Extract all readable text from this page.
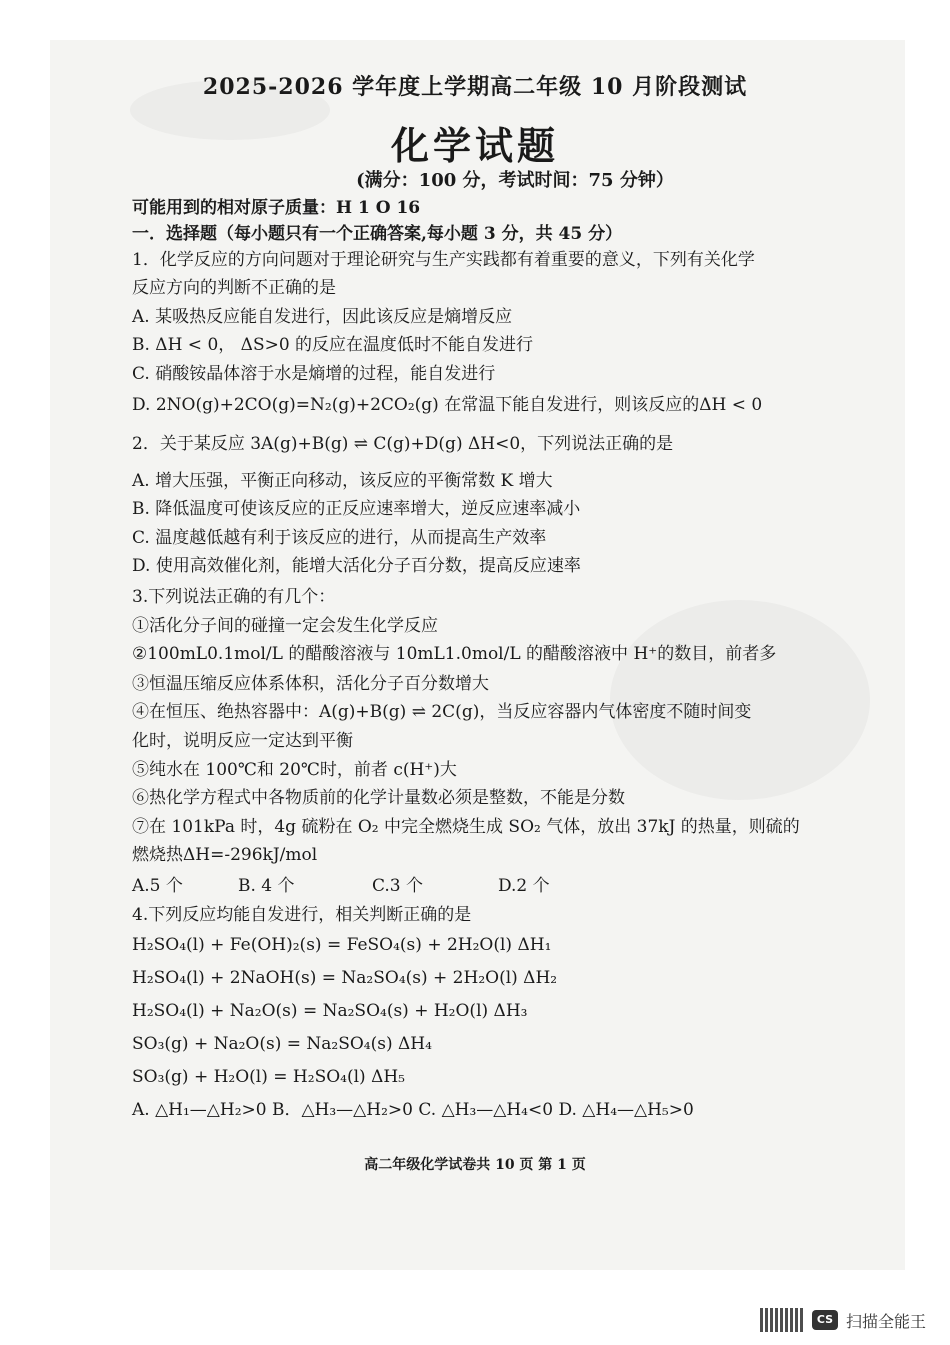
2025-2026 学年度上学期高二年级 10 月阶段测试
化学试题
(满分：100 分，考试时间：75 分钟）
可能用到的相对原子质量：H 1 O 16
一．选择题（每小题只有一个正确答案,每小题 3 分，共 45 分）
1．化学反应的方向问题对于理论研究与生产实践都有着重要的意义，下列有关化学
反应方向的判断不正确的是
A. 某吸热反应能自发进行，因此该反应是熵增反应
B. ΔH < 0， ΔS>0 的反应在温度低时不能自发进行
C. 硝酸铵晶体溶于水是熵增的过程，能自发进行
D. 2NO(g)+2CO(g)=N₂(g)+2CO₂(g) 在常温下能自发进行，则该反应的ΔH < 0
2．关于某反应 3A(g)+B(g) ⇌ C(g)+D(g) ΔH<0，下列说法正确的是
A. 增大压强，平衡正向移动，该反应的平衡常数 K 增大
B. 降低温度可使该反应的正反应速率增大，逆反应速率减小
C. 温度越低越有利于该反应的进行，从而提高生产效率
D. 使用高效催化剂，能增大活化分子百分数，提高反应速率
3.下列说法正确的有几个：
①活化分子间的碰撞一定会发生化学反应
②100mL0.1mol/L 的醋酸溶液与 10mL1.0mol/L 的醋酸溶液中 H⁺的数目，前者多
③恒温压缩反应体系体积，活化分子百分数增大
④在恒压、绝热容器中：A(g)+B(g) ⇌ 2C(g)，当反应容器内气体密度不随时间变
化时，说明反应一定达到平衡
⑤纯水在 100℃和 20℃时，前者 c(H⁺)大
⑥热化学方程式中各物质前的化学计量数必须是整数，不能是分数
⑦在 101kPa 时，4g 硫粉在 O₂ 中完全燃烧生成 SO₂ 气体，放出 37kJ 的热量，则硫的
燃烧热ΔH=-296kJ/mol
A.5 个	B. 4 个	C.3 个	D.2 个
4.下列反应均能自发进行，相关判断正确的是
H₂SO₄(l) + Fe(OH)₂(s) = FeSO₄(s) + 2H₂O(l) ΔH₁
H₂SO₄(l) + 2NaOH(s) = Na₂SO₄(s) + 2H₂O(l) ΔH₂
H₂SO₄(l) + Na₂O(s) = Na₂SO₄(s) + H₂O(l) ΔH₃
SO₃(g) + Na₂O(s) = Na₂SO₄(s) ΔH₄
SO₃(g) + H₂O(l) = H₂SO₄(l) ΔH₅
A. △H₁—△H₂>0 B．△H₃—△H₂>0 C. △H₃—△H₄<0 D. △H₄—△H₅>0
高二年级化学试卷共 10 页 第 1 页
CS 扫描全能王
